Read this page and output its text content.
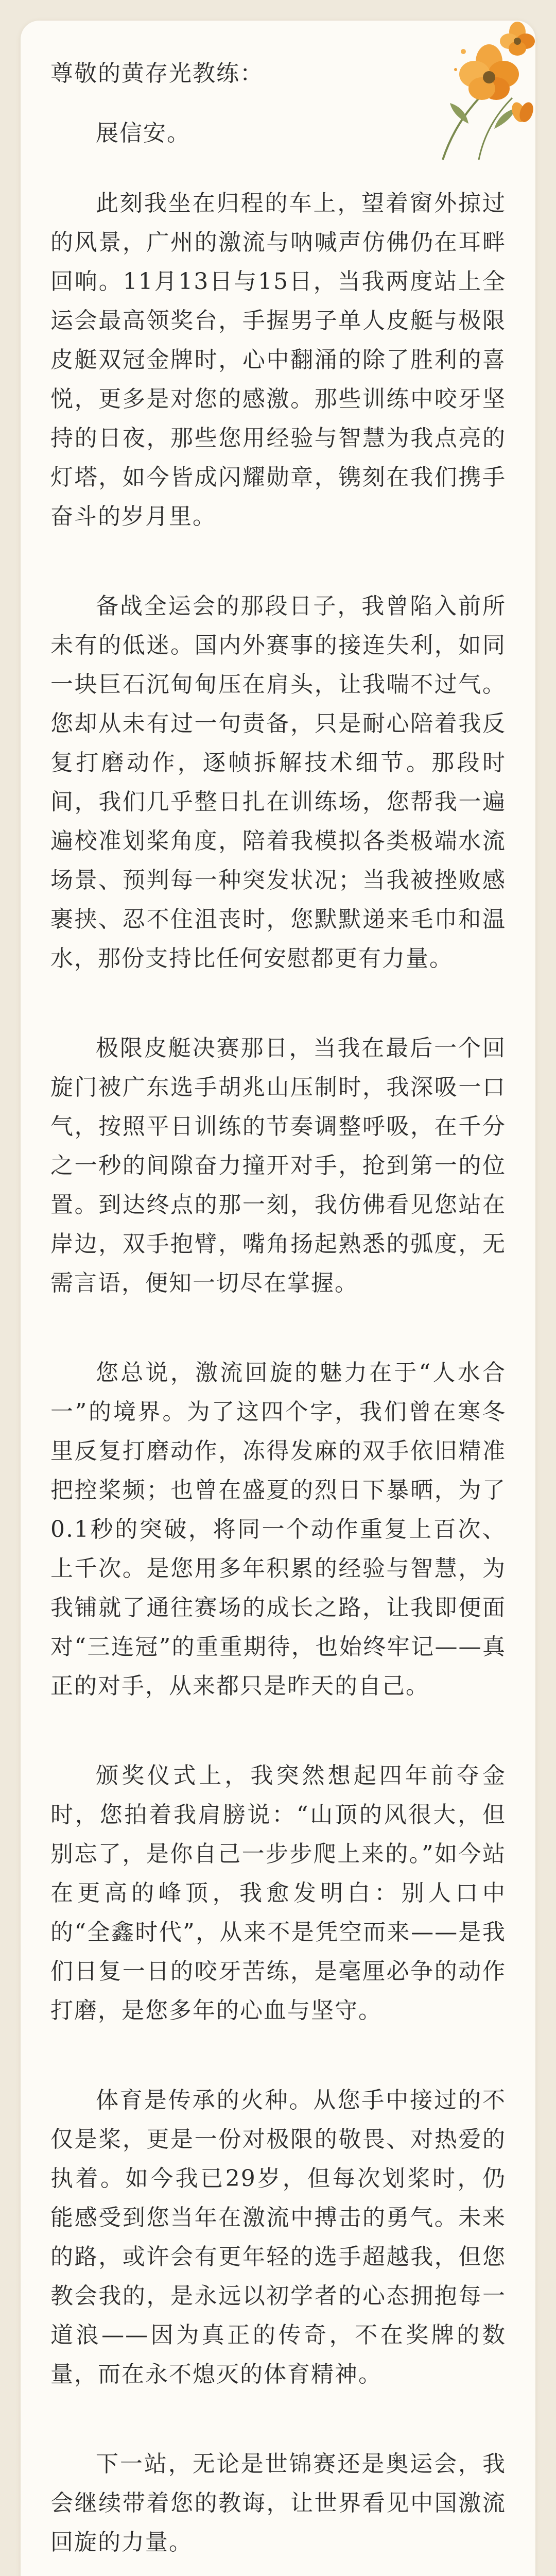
尊敬的黄存光教练：

展信安。

此刻我坐在归程的车上，望着窗外掠过的风景，广州的激流与呐喊声仿佛仍在耳畔回响。11月13日与15日，当我两度站上全运会最高领奖台，手握男子单人皮艇与极限皮艇双冠金牌时，心中翻涌的除了胜利的喜悦，更多是对您的感激。那些训练中咬牙坚持的日夜，那些您用经验与智慧为我点亮的灯塔，如今皆成闪耀勋章，镌刻在我们携手奋斗的岁月里。

备战全运会的那段日子，我曾陷入前所未有的低迷。国内外赛事的接连失利，如同一块巨石沉甸甸压在肩头，让我喘不过气。您却从未有过一句责备，只是耐心陪着我反复打磨动作，逐帧拆解技术细节。那段时间，我们几乎整日扎在训练场，您帮我一遍遍校准划桨角度，陪着我模拟各类极端水流场景、预判每一种突发状况；当我被挫败感裹挟、忍不住沮丧时，您默默递来毛巾和温水，那份支持比任何安慰都更有力量。

极限皮艇决赛那日，当我在最后一个回旋门被广东选手胡兆山压制时，我深吸一口气，按照平日训练的节奏调整呼吸，在千分之一秒的间隙奋力撞开对手，抢到第一的位置。到达终点的那一刻，我仿佛看见您站在岸边，双手抱臂，嘴角扬起熟悉的弧度，无需言语，便知一切尽在掌握。

您总说，激流回旋的魅力在于“人水合一”的境界。为了这四个字，我们曾在寒冬里反复打磨动作，冻得发麻的双手依旧精准把控桨频；也曾在盛夏的烈日下暴晒，为了0.1秒的突破，将同一个动作重复上百次、上千次。是您用多年积累的经验与智慧，为我铺就了通往赛场的成长之路，让我即便面对“三连冠”的重重期待，也始终牢记——真正的对手，从来都只是昨天的自己。

颁奖仪式上，我突然想起四年前夺金时，您拍着我肩膀说：“山顶的风很大，但别忘了，是你自己一步步爬上来的。”如今站在更高的峰顶，我愈发明白：别人口中的“全鑫时代”，从来不是凭空而来——是我们日复一日的咬牙苦练，是毫厘必争的动作打磨，是您多年的心血与坚守。

体育是传承的火种。从您手中接过的不仅是桨，更是一份对极限的敬畏、对热爱的执着。如今我已29岁，但每次划桨时，仍能感受到您当年在激流中搏击的勇气。未来的路，或许会有更年轻的选手超越我，但您教会我的，是永远以初学者的心态拥抱每一道浪——因为真正的传奇，不在奖牌的数量，而在永不熄灭的体育精神。

下一站，无论是世锦赛还是奥运会，我会继续带着您的教诲，让世界看见中国激流回旋的力量。
